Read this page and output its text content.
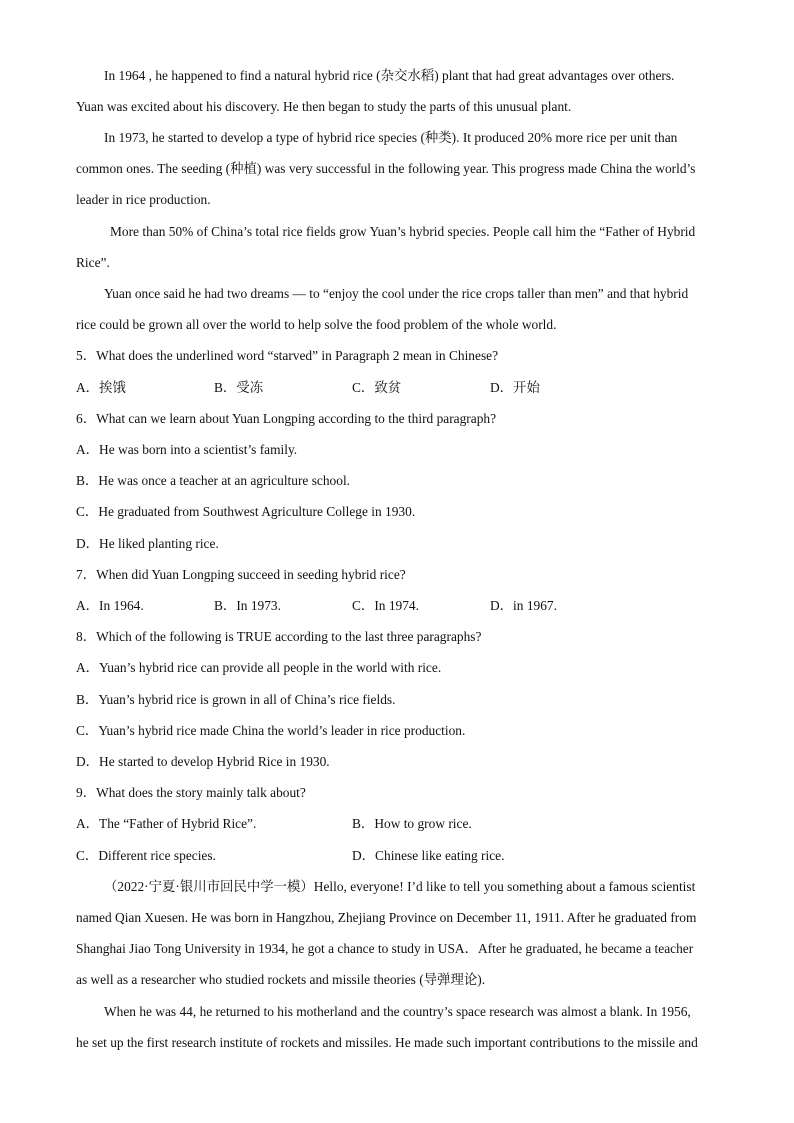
In 1964 , he happened to find a natural hybrid rice (杂交水稻) plant that had great advantages over others.
Yuan was excited about his discovery. He then began to study the parts of this unusual plant.
In 1973, he started to develop a type of hybrid rice species (种类). It produced 20% more rice per unit than
common ones. The seeding (种植) was very successful in the following year. This progress made China the world’s
leader in rice production.
More than 50% of China’s total rice fields grow Yuan’s hybrid species. People call him the “Father of Hybrid
Rice”.
Yuan once said he had two dreams — to “enjoy the cool under the rice crops taller than men” and that hybrid
rice could be grown all over the world to help solve the food problem of the whole world.
5．What does the underlined word “starved” in Paragraph 2 mean in Chinese?
A．挨饿	B．受冻	C．致贫	D．开始
6．What can we learn about Yuan Longping according to the third paragraph?
A．He was born into a scientist’s family.
B．He was once a teacher at an agriculture school.
C．He graduated from Southwest Agriculture College in 1930.
D．He liked planting rice.
7．When did Yuan Longping succeed in seeding hybrid rice?
A．In 1964.	B．In 1973.	C．In 1974.	D．in 1967.
8．Which of the following is TRUE according to the last three paragraphs?
A．Yuan’s hybrid rice can provide all people in the world with rice.
B．Yuan’s hybrid rice is grown in all of China’s rice fields.
C．Yuan’s hybrid rice made China the world’s leader in rice production.
D．He started to develop Hybrid Rice in 1930.
9．What does the story mainly talk about?
A．The “Father of Hybrid Rice”.	B．How to grow rice.
C．Different rice species.	D．Chinese like eating rice.
（2022·宁夏·银川市回民中学一模）Hello, everyone! I’d like to tell you something about a famous scientist
named Qian Xuesen. He was born in Hangzhou, Zhejiang Province on December 11, 1911. After he graduated from
Shanghai Jiao Tong University in 1934, he got a chance to study in USA．After he graduated, he became a teacher
as well as a researcher who studied rockets and missile theories (导弹理论).
When he was 44, he returned to his motherland and the country’s space research was almost a blank. In 1956,
he set up the first research institute of rockets and missiles. He made such important contributions to the missile and
